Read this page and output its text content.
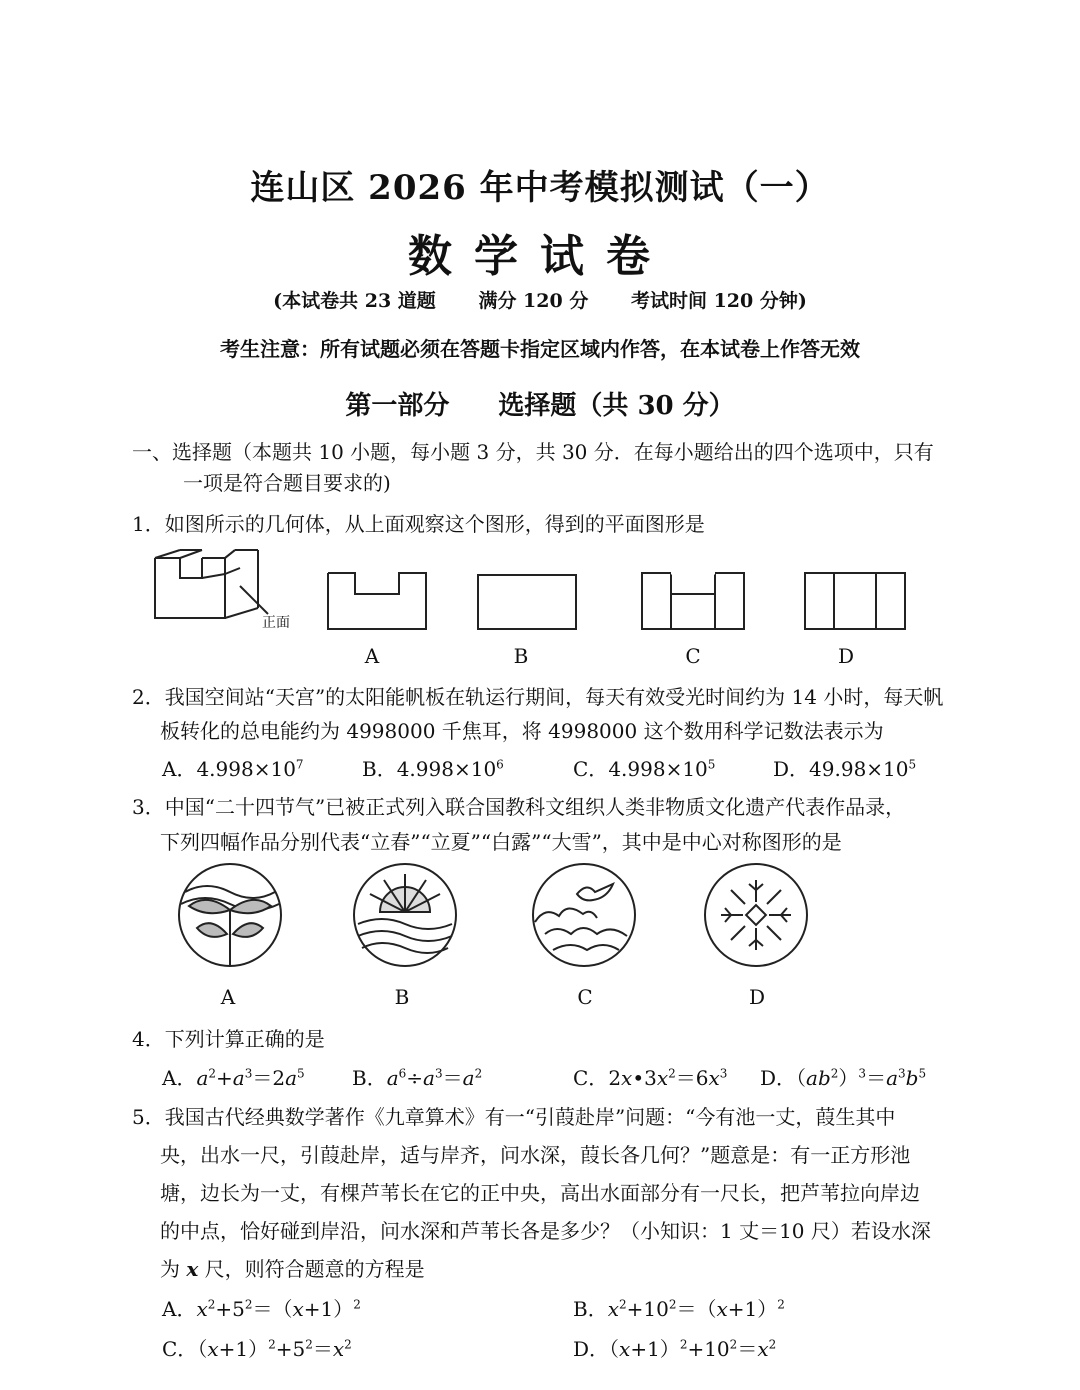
连山区 2026 年中考模拟测试（一）
数学试卷
(本试卷共 23 道题 满分 120 分 考试时间 120 分钟)
考生注意：所有试题必须在答题卡指定区域内作答，在本试卷上作答无效
第一部分 选择题（共 30 分）
一、选择题（本题共 10 小题，每小题 3 分，共 30 分．在每小题给出的四个选项中，只有
一项是符合题目要求的)
1．如图所示的几何体，从上面观察这个图形，得到的平面图形是
正面
A	B	C	D
2．我国空间站“天宫”的太阳能帆板在轨运行期间，每天有效受光时间约为 14 小时，每天帆
板转化的总电能约为 4998000 千焦耳，将 4998000 这个数用科学记数法表示为
A．$4.998\times 10^7$	B．$4.998\times 10^6$	C．$4.998\times 10^5$	D．$49.98\times 10^5$
3．中国“二十四节气”已被正式列入联合国教科文组织人类非物质文化遗产代表作品录，
下列四幅作品分别代表“立春”“立夏”“白露”“大雪”，其中是中心对称图形的是
A	B	C	D
4．下列计算正确的是
A．$a^2+a^3=2a^5$ B．$a^6\div a^3=a^2$	C．$2x•3x^2=6x^3$ D．$(ab^2)^3=a^3b^5$
5．我国古代经典数学著作《九章算术》有一“引葭赴岸”问题：“今有池一丈，葭生其中
央，出水一尺，引葭赴岸，适与岸齐，问水深，葭长各几何？”题意是：有一正方形池
塘，边长为一丈，有棵芦苇长在它的正中央，高出水面部分有一尺长，把芦苇拉向岸边
的中点，恰好碰到岸沿，问水深和芦苇长各是多少？（小知识：1 丈＝10 尺）若设水深
为 x 尺，则符合题意的方程是
A．$x^2+5^2=(x+1)^2$	B．$x^2+10^2=(x+1)^2$
C．$(x+1)^2+5^2=x^2$	D．$(x+1)^2+10^2=x^2$
